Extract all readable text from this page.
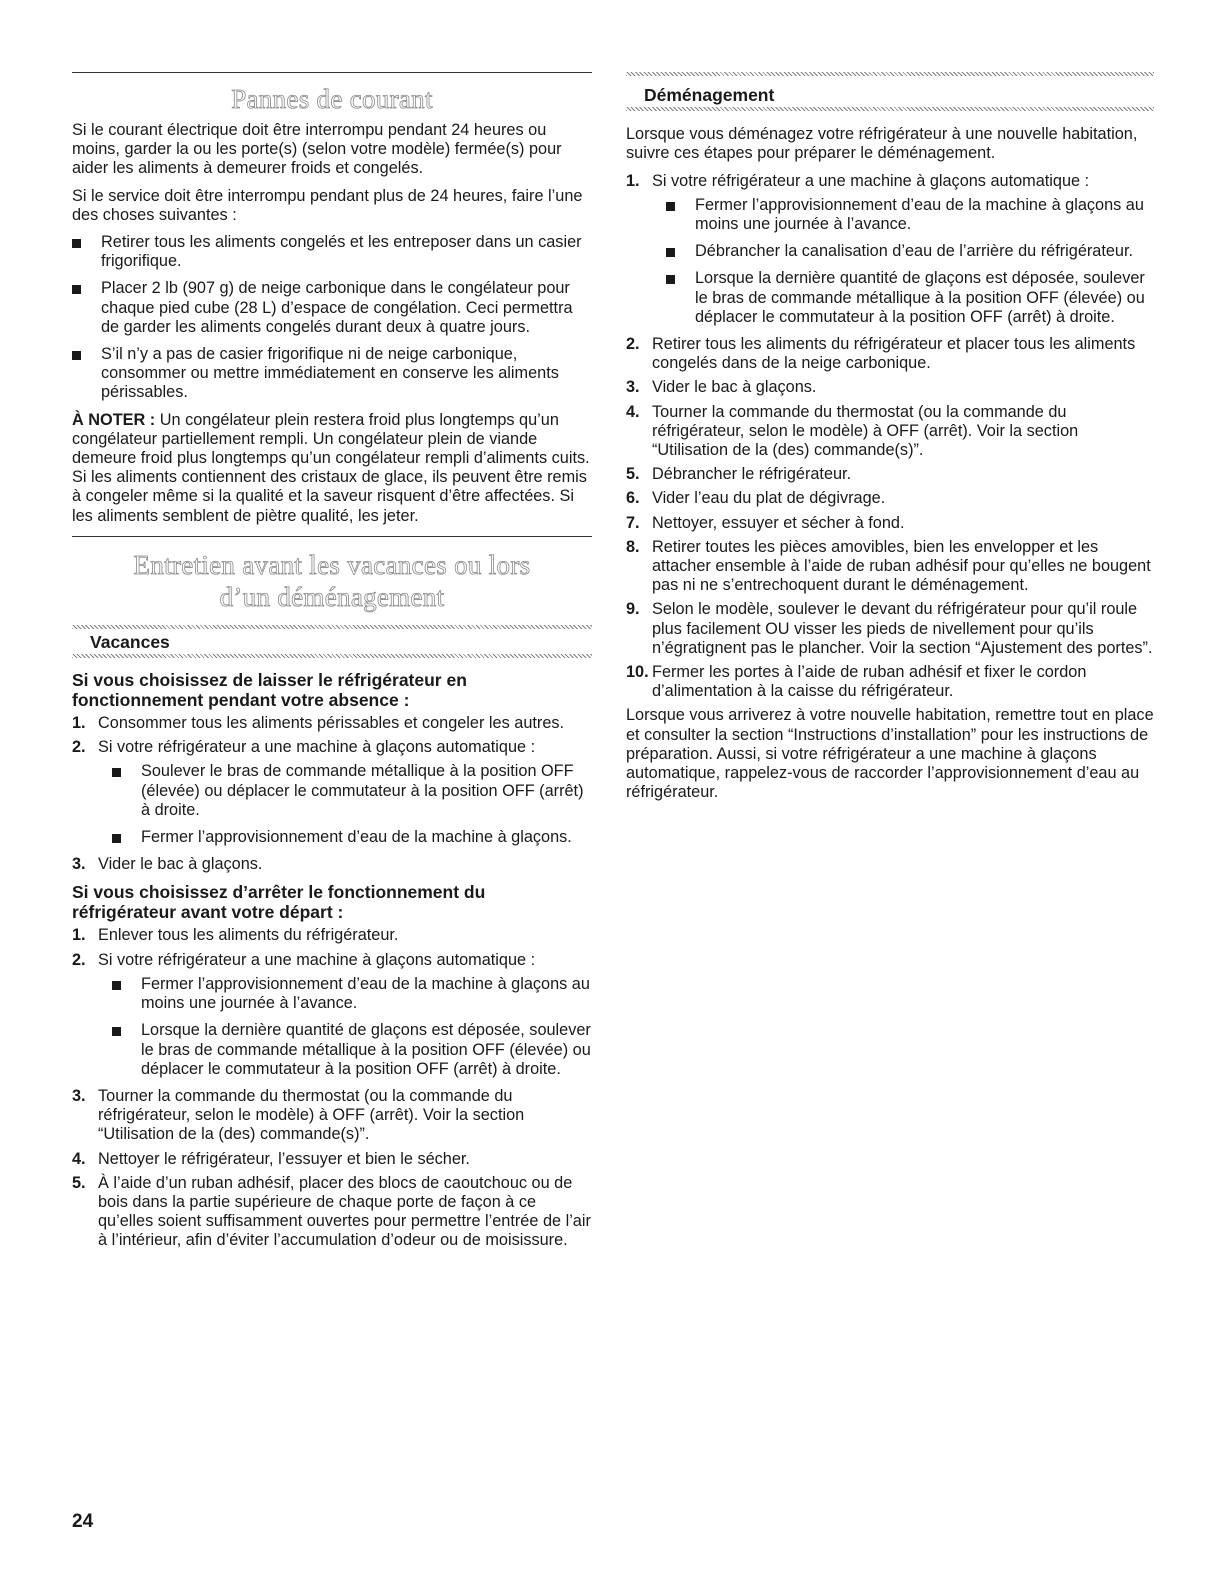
Pannes de courant

Si le courant électrique doit être interrompu pendant 24 heures ou moins, garder la ou les porte(s) (selon votre modèle) fermée(s) pour aider les aliments à demeurer froids et congelés.

Si le service doit être interrompu pendant plus de 24 heures, faire l’une des choses suivantes :

Retirer tous les aliments congelés et les entreposer dans un casier frigorifique.
Placer 2 lb (907 g) de neige carbonique dans le congélateur pour chaque pied cube (28 L) d’espace de congélation. Ceci permettra de garder les aliments congelés durant deux à quatre jours.
S’il n’y a pas de casier frigorifique ni de neige carbonique, consommer ou mettre immédiatement en conserve les aliments périssables.

À NOTER : Un congélateur plein restera froid plus longtemps qu’un congélateur partiellement rempli. Un congélateur plein de viande demeure froid plus longtemps qu’un congélateur rempli d’aliments cuits. Si les aliments contiennent des cristaux de glace, ils peuvent être remis à congeler même si la qualité et la saveur risquent d’être affectées. Si les aliments semblent de piètre qualité, les jeter.

Entretien avant les vacances ou lors d’un déménagement
Vacances
Si vous choisissez de laisser le réfrigérateur en fonctionnement pendant votre absence :
1. Consommer tous les aliments périssables et congeler les autres.
2. Si votre réfrigérateur a une machine à glaçons automatique :
Soulever le bras de commande métallique à la position OFF (élevée) ou déplacer le commutateur à la position OFF (arrêt) à droite.
Fermer l’approvisionnement d’eau de la machine à glaçons.
3. Vider le bac à glaçons.
Si vous choisissez d’arrêter le fonctionnement du réfrigérateur avant votre départ :
1. Enlever tous les aliments du réfrigérateur.
2. Si votre réfrigérateur a une machine à glaçons automatique :
Fermer l’approvisionnement d’eau de la machine à glaçons au moins une journée à l’avance.
Lorsque la dernière quantité de glaçons est déposée, soulever le bras de commande métallique à la position OFF (élevée) ou déplacer le commutateur à la position OFF (arrêt) à droite.
3. Tourner la commande du thermostat (ou la commande du réfrigérateur, selon le modèle) à OFF (arrêt). Voir la section “Utilisation de la (des) commande(s)”.
4. Nettoyer le réfrigérateur, l’essuyer et bien le sécher.
5. À l’aide d’un ruban adhésif, placer des blocs de caoutchouc ou de bois dans la partie supérieure de chaque porte de façon à ce qu’elles soient suffisamment ouvertes pour permettre l’entrée de l’air à l’intérieur, afin d’éviter l’accumulation d’odeur ou de moisissure.
Déménagement

Lorsque vous déménagez votre réfrigérateur à une nouvelle habitation, suivre ces étapes pour préparer le déménagement.

1. Si votre réfrigérateur a une machine à glaçons automatique :
Fermer l’approvisionnement d’eau de la machine à glaçons au moins une journée à l’avance.
Débrancher la canalisation d’eau de l’arrière du réfrigérateur.
Lorsque la dernière quantité de glaçons est déposée, soulever le bras de commande métallique à la position OFF (élevée) ou déplacer le commutateur à la position OFF (arrêt) à droite.
2. Retirer tous les aliments du réfrigérateur et placer tous les aliments congelés dans de la neige carbonique.
3. Vider le bac à glaçons.
4. Tourner la commande du thermostat (ou la commande du réfrigérateur, selon le modèle) à OFF (arrêt). Voir la section “Utilisation de la (des) commande(s)”.
5. Débrancher le réfrigérateur.
6. Vider l’eau du plat de dégivrage.
7. Nettoyer, essuyer et sécher à fond.
8. Retirer toutes les pièces amovibles, bien les envelopper et les attacher ensemble à l’aide de ruban adhésif pour qu’elles ne bougent pas ni ne s’entrechoquent durant le déménagement.
9. Selon le modèle, soulever le devant du réfrigérateur pour qu’il roule plus facilement OU visser les pieds de nivellement pour qu’ils n’égratignent pas le plancher. Voir la section “Ajustement des portes”.
10. Fermer les portes à l’aide de ruban adhésif et fixer le cordon d’alimentation à la caisse du réfrigérateur.

Lorsque vous arriverez à votre nouvelle habitation, remettre tout en place et consulter la section “Instructions d’installation” pour les instructions de préparation. Aussi, si votre réfrigérateur a une machine à glaçons automatique, rappelez-vous de raccorder l’approvisionnement d’eau au réfrigérateur.

24
